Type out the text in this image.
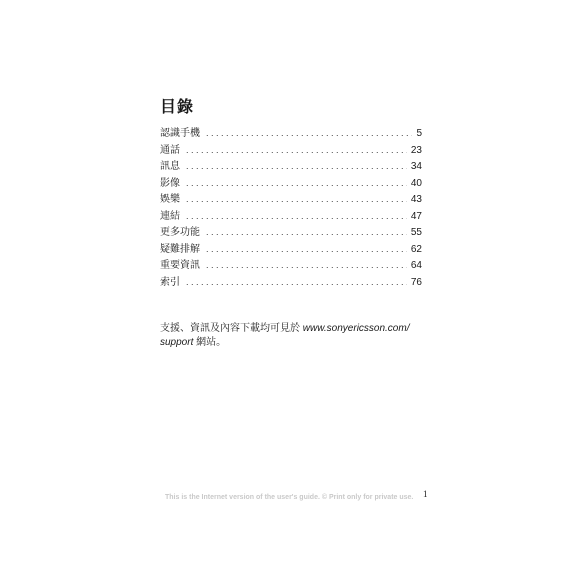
目錄
認識手機 . . .	5
通話 . . .	23
訊息 . . .	34
影像 . . .	40
娛樂 . . .	43
連結 . . .	47
更多功能 . . .	55
疑難排解 . . .	62
重要資訊 . . .	64
索引 . . .	76
支援、資訊及內容下載均可見於 www.sonyericsson.com/
support 網站。
This is the Internet version of the user's guide. © Print only for private use. 1
